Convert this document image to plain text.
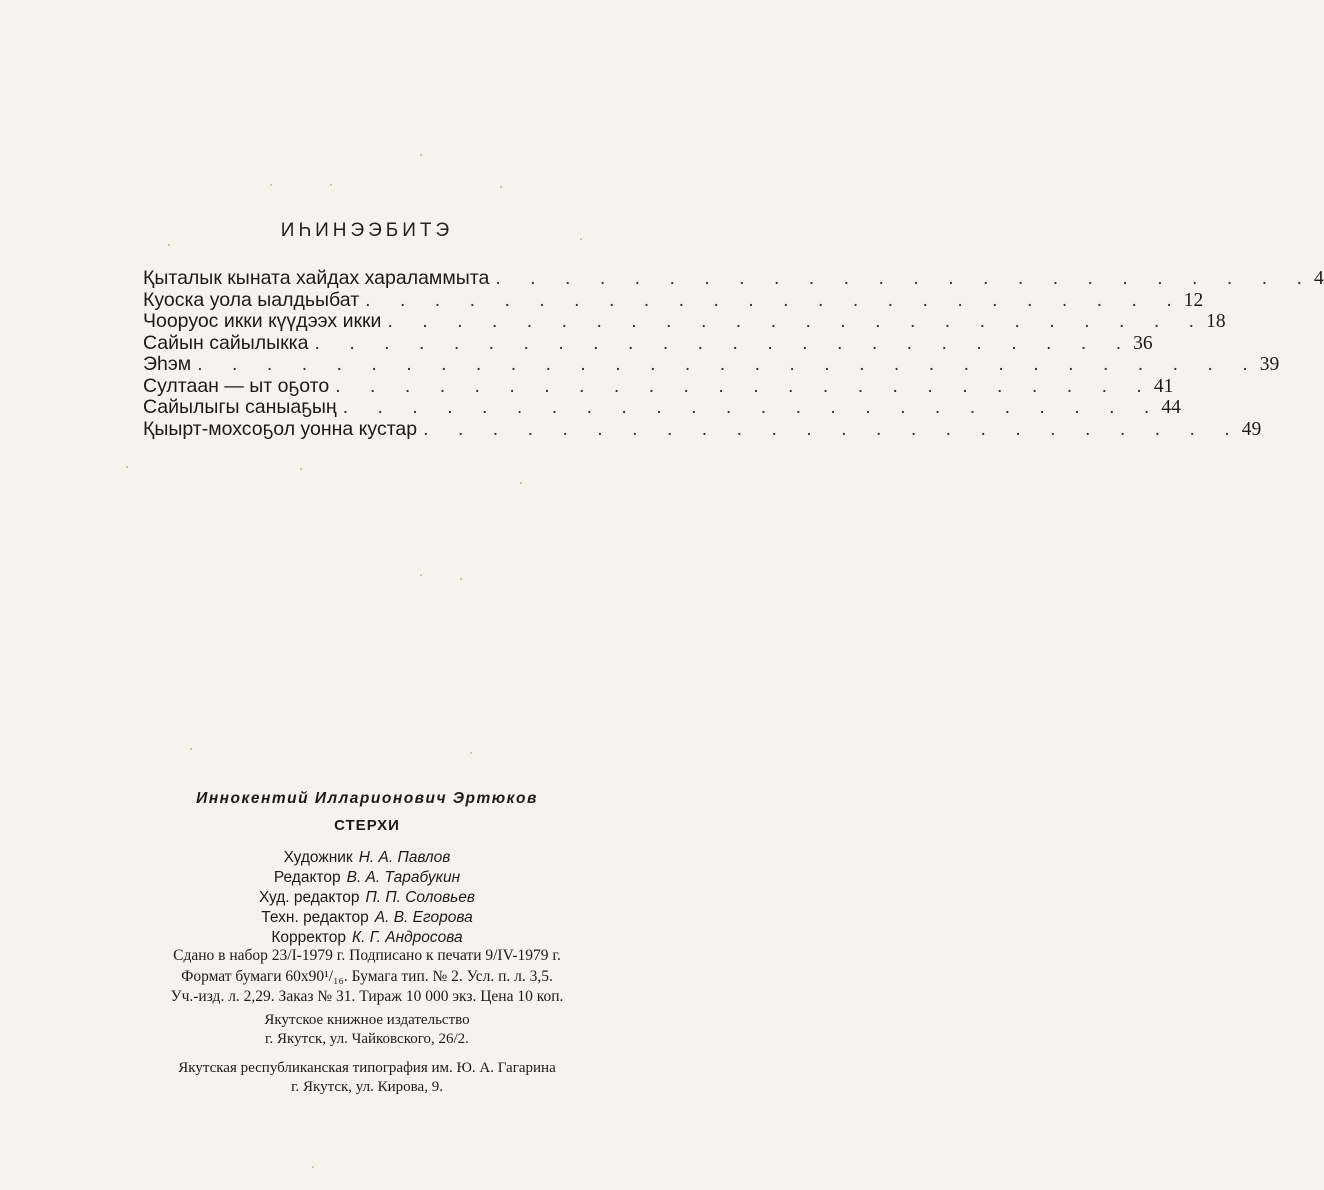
ИҺИНЭЭБИТЭ
Қыталык кыната хайдах хараламмыта . . . . . . . . . . . . . . . . . . . . . . . . 4
Куоска уола ыалдьыбат . . . . . . . . . . . . . . . . . . . . . . . . 12
Чооруос икки күүдээх икки . . . . . . . . . . . . . . . . . . . . . . . . 18
Сайын сайылыкка . . . . . . . . . . . . . . . . . . . . . . . . 36
Эһэм . . . . . . . . . . . . . . . . . . . . . . . . . . . . . . . 39
Султаан — ыт оҕото . . . . . . . . . . . . . . . . . . . . . . . . 41
Сайылыгы саныаҕың . . . . . . . . . . . . . . . . . . . . . . . . 44
Қыырт-мохсоҕол уонна кустар . . . . . . . . . . . . . . . . . . . . . . . . 49
Иннокентий Илларионович Эртюков
СТЕРХИ
Художник Н. А. Павлов
Редактор В. А. Тарабукин
Худ. редактор П. П. Соловьев
Техн. редактор А. В. Егорова
Корректор К. Г. Андросова
Сдано в набор 23/I-1979 г. Подписано к печати 9/IV-1979 г.
Формат бумаги 60x90¹/₁₆. Бумага тип. № 2. Усл. п. л. 3,5.
Уч.-изд. л. 2,29. Заказ № 31. Тираж 10 000 экз. Цена 10 коп.
Якутское книжное издательство
г. Якутск, ул. Чайковского, 26/2.
Якутская республиканская типография им. Ю. А. Гагарина
г. Якутск, ул. Кирова, 9.
